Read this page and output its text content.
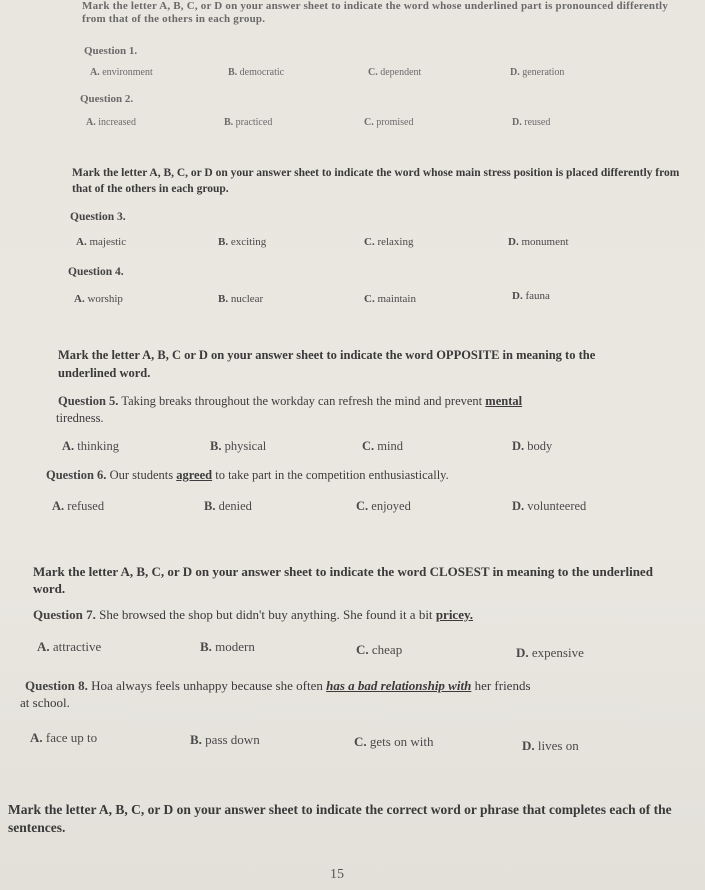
Mark the letter A, B, C, or D on your answer sheet to indicate the word whose underlined part is pronounced differently from that of the others in each group.
Question 1.
A. environment	B. democratic	C. dependent	D. generation
Question 2.
A. increased	B. practiced	C. promised	D. reused
Mark the letter A, B, C, or D on your answer sheet to indicate the word whose main stress position is placed differently from that of the others in each group.
Question 3.
A. majestic	B. exciting	C. relaxing	D. monument
Question 4.
A. worship	B. nuclear	C. maintain	D. fauna
Mark the letter A, B, C or D on your answer sheet to indicate the word OPPOSITE in meaning to the underlined word.
Question 5. Taking breaks throughout the workday can refresh the mind and prevent mental
tiredness.
A. thinking	B. physical	C. mind	D. body
Question 6. Our students agreed to take part in the competition enthusiastically.
A. refused	B. denied	C. enjoyed	D. volunteered
Mark the letter A, B, C, or D on your answer sheet to indicate the word CLOSEST in meaning to the underlined word.
Question 7. She browsed the shop but didn't buy anything. She found it a bit pricey.
A. attractive	B. modern	C. cheap	D. expensive
Question 8. Hoa always feels unhappy because she often has a bad relationship with her friends
at school.
A. face up to	B. pass down	C. gets on with	D. lives on
Mark the letter A, B, C, or D on your answer sheet to indicate the correct word or phrase that completes each of the sentences.
15
